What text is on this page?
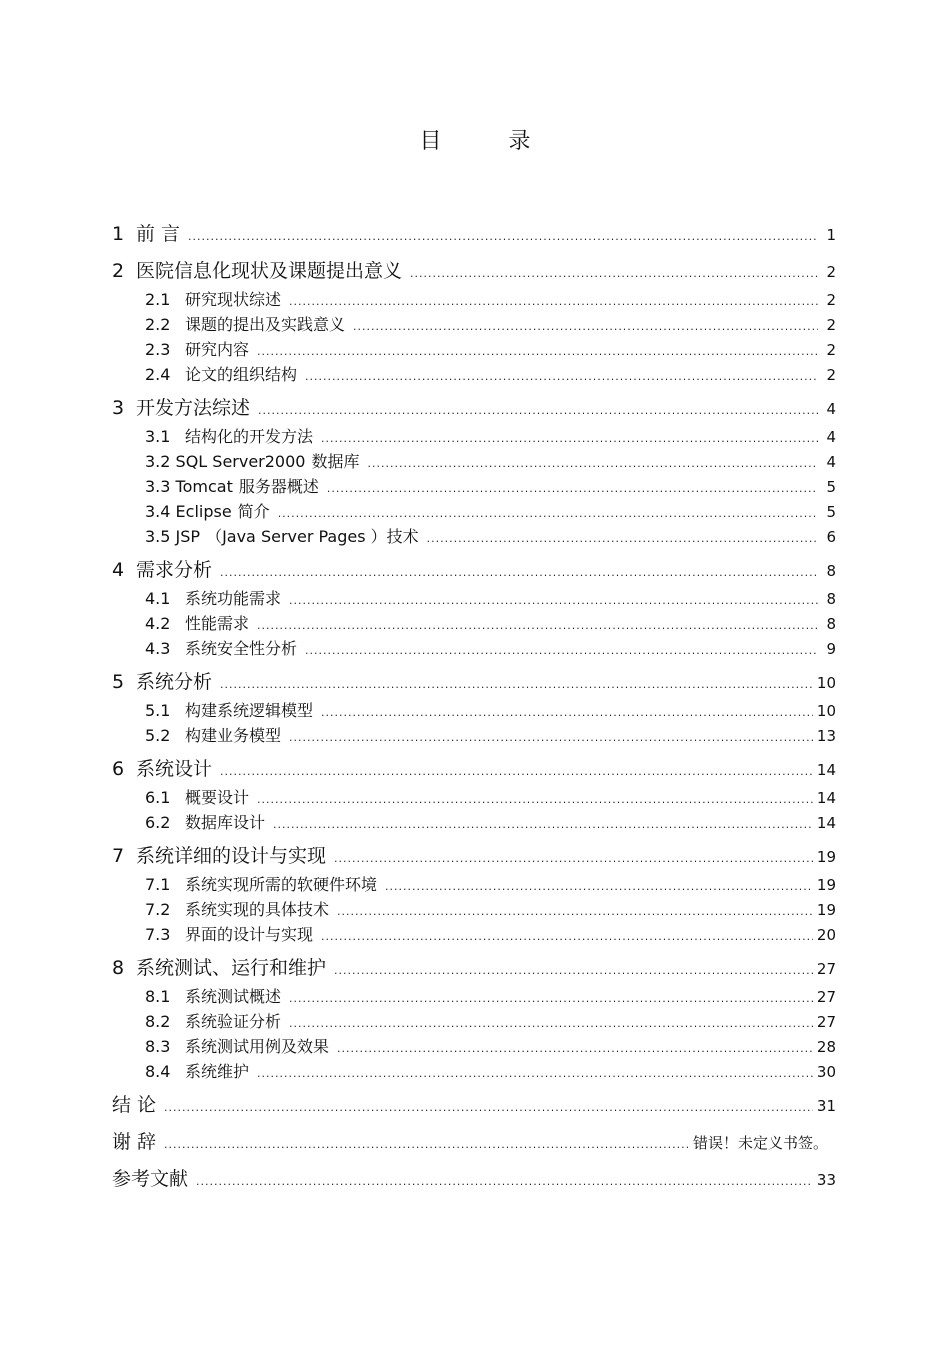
目 录
1 前 言 .....	1
2 医院信息化现状及课题提出意义 .....	2
2.1 研究现状综述 .....	2
2.2 课题的提出及实践意义 .....	2
2.3 研究内容 .....	2
2.4 论文的组织结构 .....	2
3 开发方法综述 .....	4
3.1 结构化的开发方法 .....	4
3.2 SQL Server2000 数据库 .....	4
3.3 Tomcat 服务器概述 .....	5
3.4 Eclipse 简介 .....	5
3.5 JSP （Java Server Pages ）技术 .....	6
4 需求分析 .....	8
4.1 系统功能需求 .....	8
4.2 性能需求 .....	8
4.3 系统安全性分析 .....	9
5 系统分析 .....	10
5.1 构建系统逻辑模型 .....	10
5.2 构建业务模型 .....	13
6 系统设计 .....	14
6.1 概要设计 .....	14
6.2 数据库设计 .....	14
7 系统详细的设计与实现 .....	19
7.1 系统实现所需的软硬件环境 .....	19
7.2 系统实现的具体技术 .....	19
7.3 界面的设计与实现 .....	20
8 系统测试、运行和维护 .....	27
8.1 系统测试概述 .....	27
8.2 系统验证分析 .....	27
8.3 系统测试用例及效果 .....	28
8.4 系统维护 .....	30
结 论 .....	31
谢 辞 .....	错误！未定义书签。
参考文献 .....	33
